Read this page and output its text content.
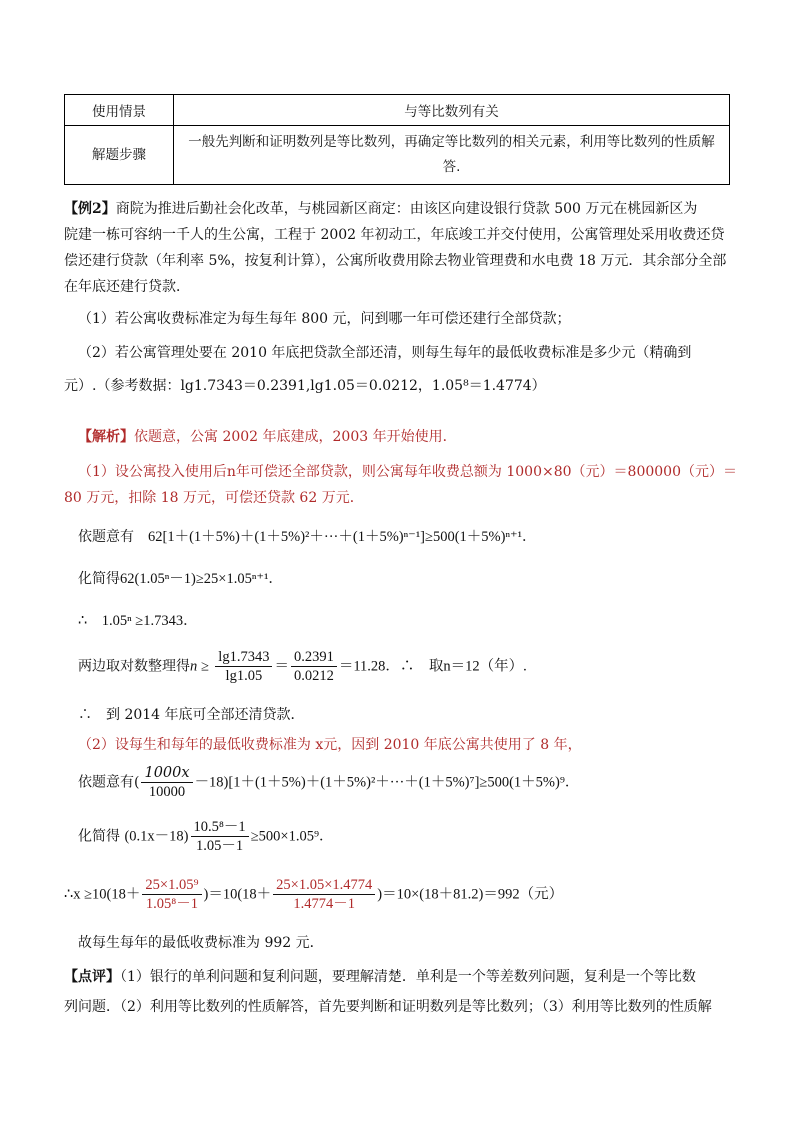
使用情景	与等比数列有关
解题步骤	一般先判断和证明数列是等比数列，再确定等比数列的相关元素，利用等比数列的性质解
答.
【例2】商院为推进后勤社会化改革，与桃园新区商定：由该区向建设银行贷款 500 万元在桃园新区为
院建一栋可容纳一千人的生公寓，工程于 2002 年初动工，年底竣工并交付使用，公寓管理处采用收费还贷
偿还建行贷款（年利率 5%，按复利计算），公寓所收费用除去物业管理费和水电费 18 万元．其余部分全部
在年底还建行贷款．
（1）若公寓收费标准定为每生每年 800 元，问到哪一年可偿还建行全部贷款；
（2）若公寓管理处要在 2010 年底把贷款全部还清，则每生每年的最低收费标准是多少元（精确到
元）.（参考数据：lg1.7343＝0.2391,lg1.05＝0.0212，1.05⁸＝1.4774）
【解析】依题意，公寓 2002 年底建成，2003 年开始使用．
（1）设公寓投入使用后n年可偿还全部贷款，则公寓每年收费总额为 1000×80（元）＝800000（元）＝
80 万元，扣除 18 万元，可偿还贷款 62 万元．
依题意有　 62[1＋(1＋5%)＋(1＋5%)²＋···＋(1＋5%)ⁿ⁻¹]≥500(1＋5%)ⁿ⁺¹．
化简得62(1.05ⁿ－1)≥25×1.05ⁿ⁺¹．
∴　1.05ⁿ ≥1.7343．
两边取对数整理得$n \ge \frac{\lg 1.7343}{\lg 1.05} = \frac{0.2391}{0.0212} =11.28$．∴　取n＝12（年）.
∴　到 2014 年底可全部还清贷款．
（2）设每生和每年的最低收费标准为 x元，因到 2010 年底公寓共使用了 8 年，
依题意有( $\frac{1000x}{10000} -18)[1+(1+5\%)+(1+5\%)^2+\cdot\cdot\cdot+(1+5\%)^7]\ge 500(1+5\%)^9$．
化简得 $(0.1x-18) \frac{\text{10.5⁸－1}}{1.05-1} \ge 500\times 1.05^9$．
∴x $\ge 10(18+ \frac{\text{25×1.05⁹}}{\text{1.05⁸－1}} )=10(18+ \frac{25\times 1.05\times 1.4774}{1.4774-1} )=10\times(18+81.2)=992$（元）
故每生每年的最低收费标准为 992 元．
【点评】（1）银行的单利问题和复利问题，要理解清楚．单利是一个等差数列问题，复利是一个等比数
列问题．（2）利用等比数列的性质解答，首先要判断和证明数列是等比数列；（3）利用等比数列的性质解
